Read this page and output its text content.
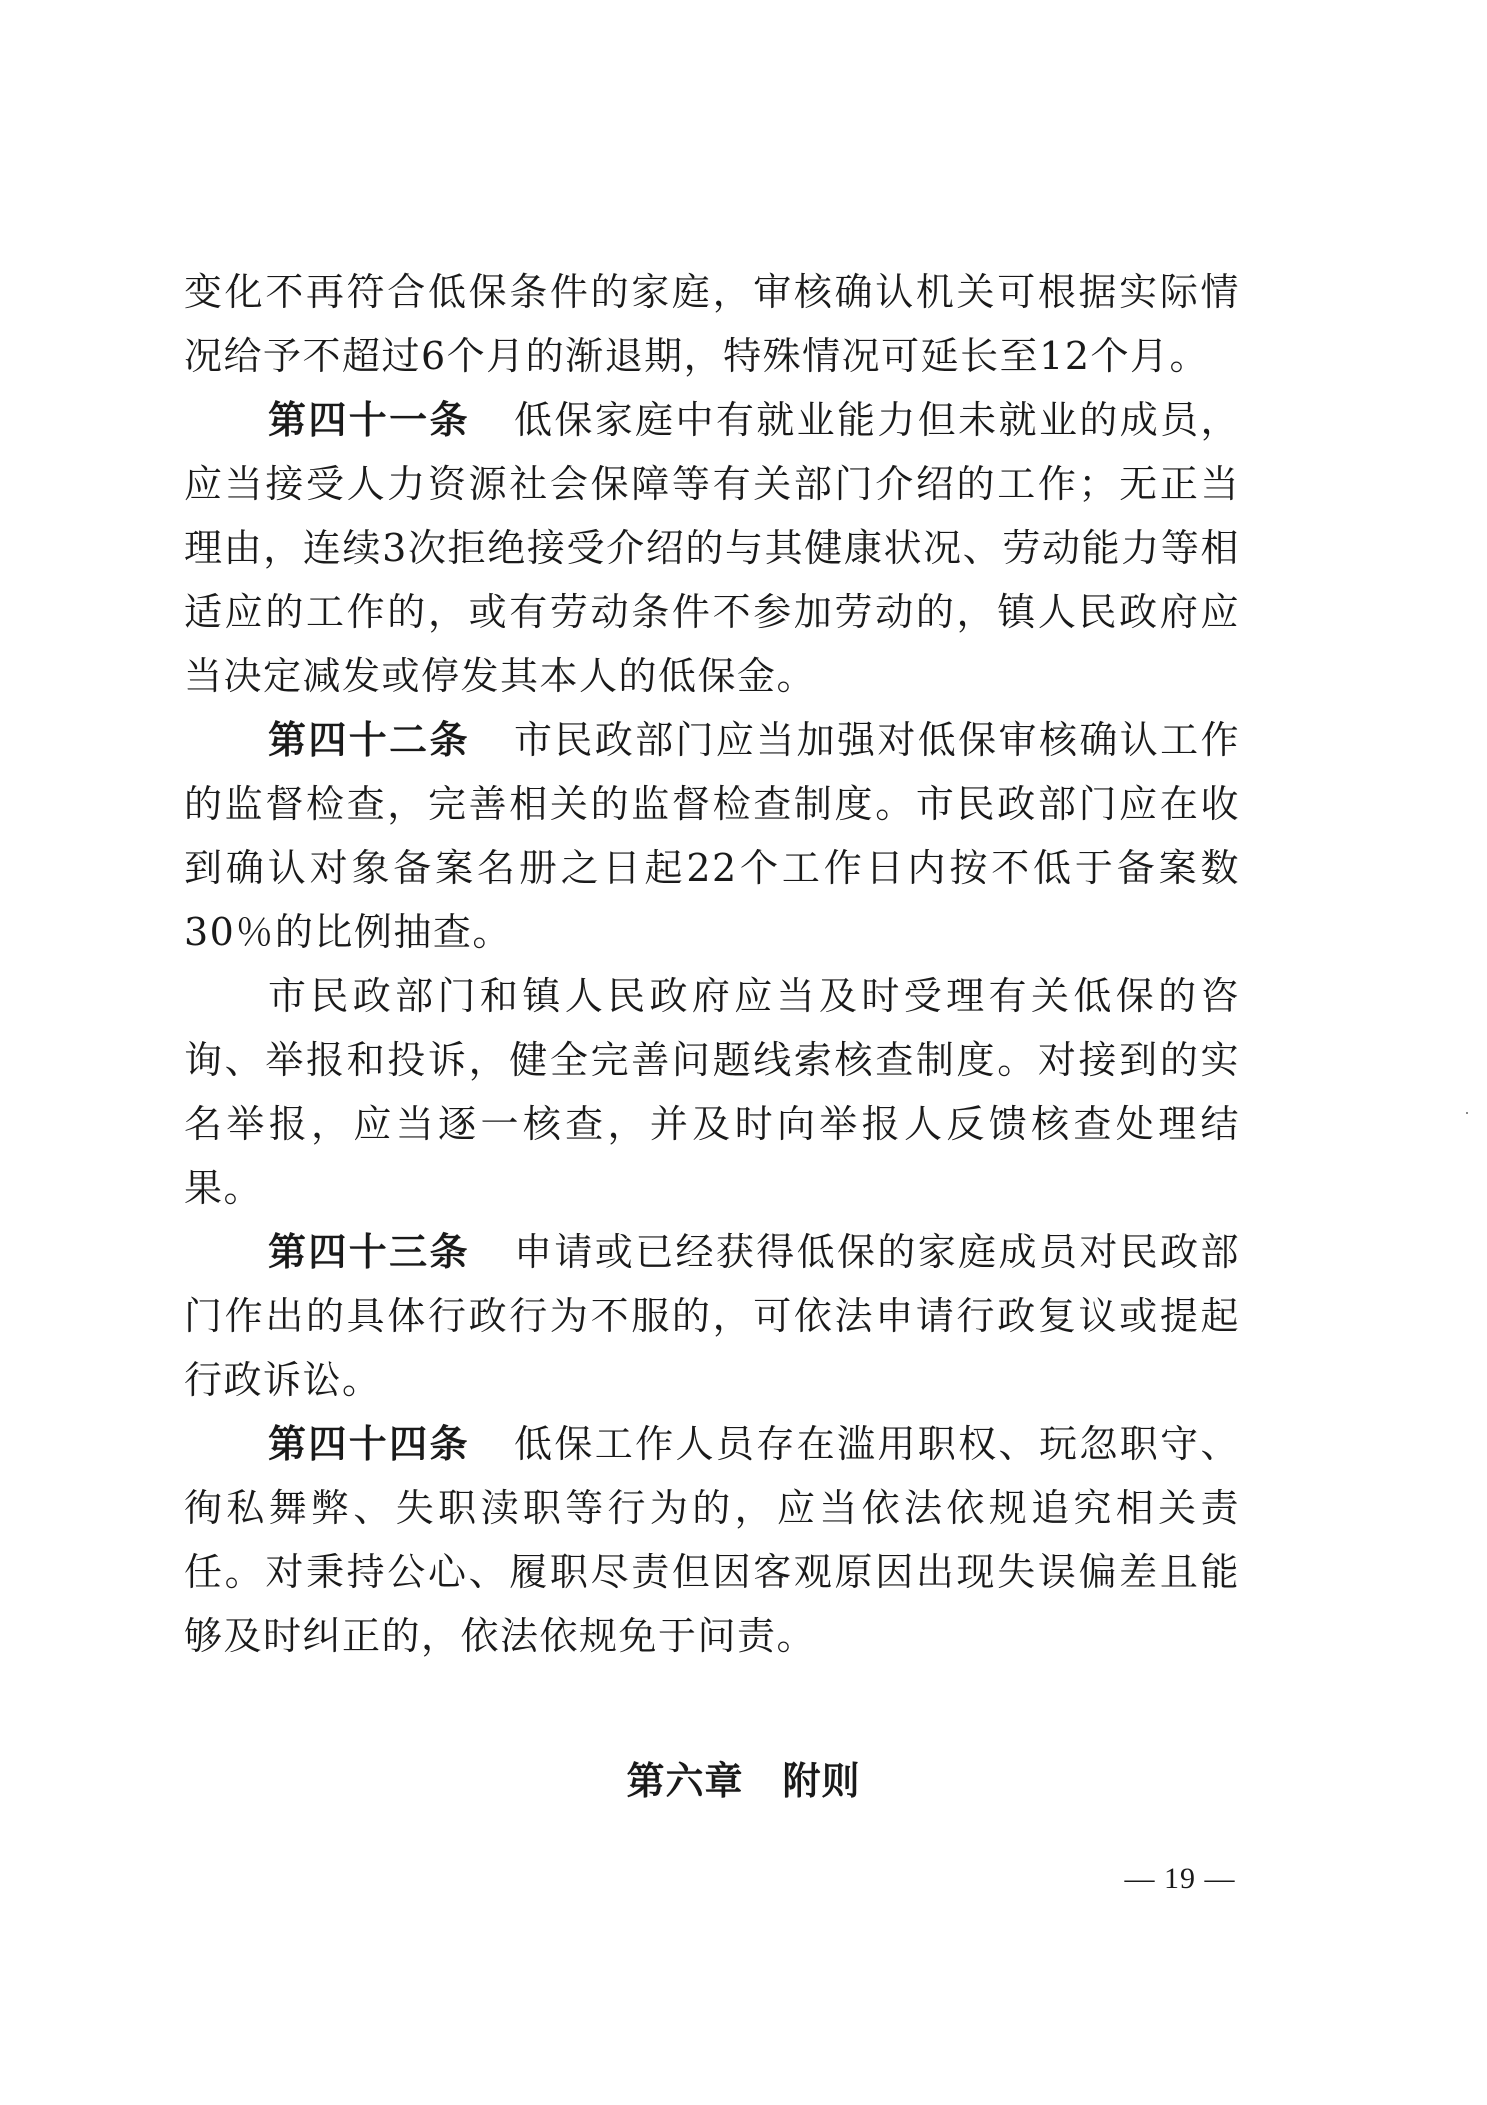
变化不再符合低保条件的家庭，审核确认机关可根据实际情况给予不超过6个月的渐退期，特殊情况可延长至12个月。

第四十一条 低保家庭中有就业能力但未就业的成员，应当接受人力资源社会保障等有关部门介绍的工作；无正当理由，连续3次拒绝接受介绍的与其健康状况、劳动能力等相适应的工作的，或有劳动条件不参加劳动的，镇人民政府应当决定减发或停发其本人的低保金。

第四十二条 市民政部门应当加强对低保审核确认工作的监督检查，完善相关的监督检查制度。市民政部门应在收到确认对象备案名册之日起22个工作日内按不低于备案数30％的比例抽查。

市民政部门和镇人民政府应当及时受理有关低保的咨询、举报和投诉，健全完善问题线索核查制度。对接到的实名举报，应当逐一核查，并及时向举报人反馈核查处理结果。

第四十三条 申请或已经获得低保的家庭成员对民政部门作出的具体行政行为不服的，可依法申请行政复议或提起行政诉讼。

第四十四条 低保工作人员存在滥用职权、玩忽职守、徇私舞弊、失职渎职等行为的，应当依法依规追究相关责任。对秉持公心、履职尽责但因客观原因出现失误偏差且能够及时纠正的，依法依规免于问责。

第六章　附则
— 19 —
